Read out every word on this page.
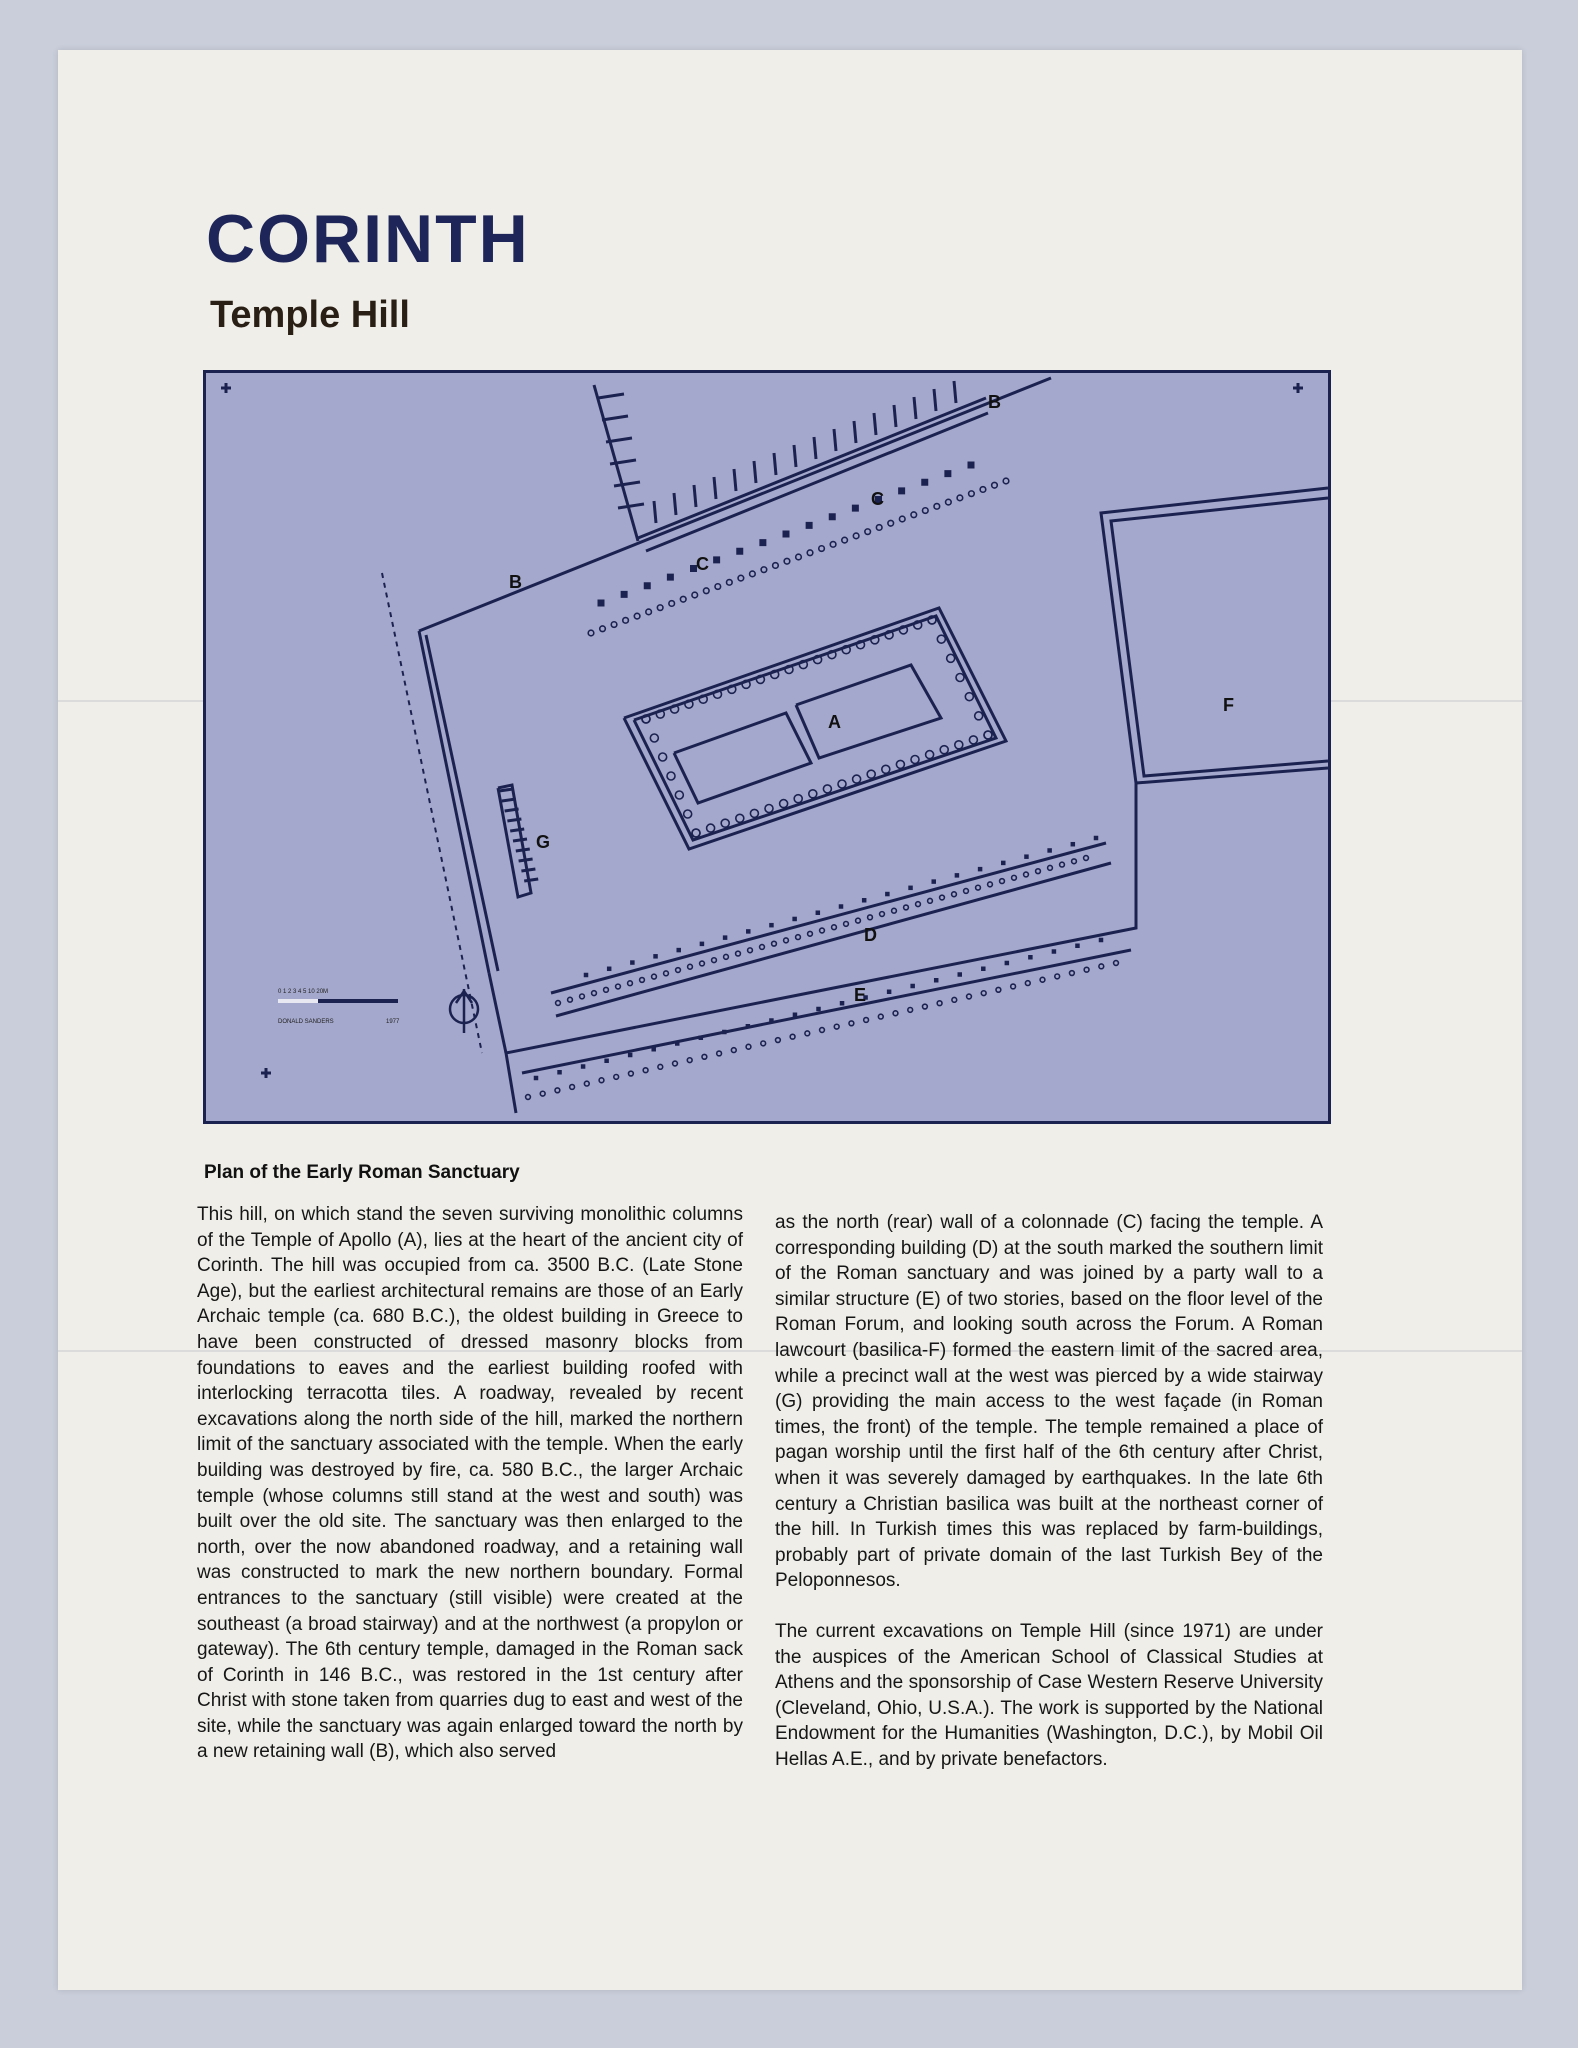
CORINTH
Temple Hill
A
B
B
C
C
D
E
F
G
0 1 2 3 4 5 10 20M
DONALD SANDERS	1977

Plan of the Early Roman Sanctuary

This hill, on which stand the seven surviving monolithic columns of the Temple of Apollo (A), lies at the heart of the ancient city of Corinth. The hill was occupied from ca. 3500 B.C. (Late Stone Age), but the earliest architectural remains are those of an Early Archaic temple (ca. 680 B.C.), the oldest building in Greece to have been constructed of dressed masonry blocks from foundations to eaves and the earliest building roofed with interlocking terracotta tiles. A roadway, revealed by recent excavations along the north side of the hill, marked the northern limit of the sanctuary associated with the temple. When the early building was destroyed by fire, ca. 580 B.C., the larger Archaic temple (whose columns still stand at the west and south) was built over the old site. The sanctuary was then enlarged to the north, over the now abandoned roadway, and a retaining wall was constructed to mark the new northern boundary. Formal entrances to the sanctuary (still visible) were created at the southeast (a broad stairway) and at the northwest (a propylon or gateway). The 6th century temple, damaged in the Roman sack of Corinth in 146 B.C., was restored in the 1st century after Christ with stone taken from quarries dug to east and west of the site, while the sanctuary was again enlarged toward the north by a new retaining wall (B), which also served

as the north (rear) wall of a colonnade (C) facing the temple. A corresponding building (D) at the south marked the southern limit of the Roman sanctuary and was joined by a party wall to a similar structure (E) of two stories, based on the floor level of the Roman Forum, and looking south across the Forum. A Roman lawcourt (basilica-F) formed the eastern limit of the sacred area, while a precinct wall at the west was pierced by a wide stairway (G) providing the main access to the west façade (in Roman times, the front) of the temple. The temple remained a place of pagan worship until the first half of the 6th century after Christ, when it was severely damaged by earthquakes. In the late 6th century a Christian basilica was built at the northeast corner of the hill. In Turkish times this was replaced by farm-buildings, probably part of private domain of the last Turkish Bey of the Peloponnesos.

The current excavations on Temple Hill (since 1971) are under the auspices of the American School of Classical Studies at Athens and the sponsorship of Case Western Reserve University (Cleveland, Ohio, U.S.A.). The work is supported by the National Endowment for the Humanities (Washington, D.C.), by Mobil Oil Hellas A.E., and by private benefactors.
